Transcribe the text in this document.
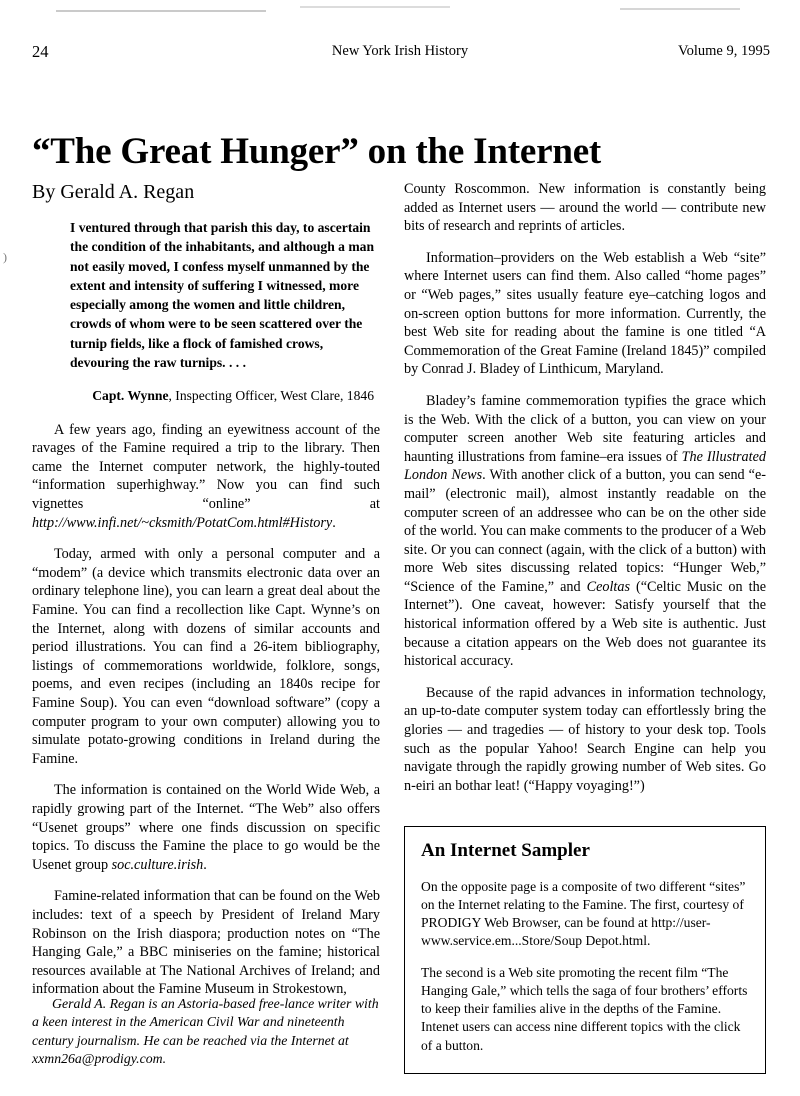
)
24	New York Irish History	Volume 9, 1995
“The Great Hunger” on the Internet
By Gerald A. Regan
I ventured through that parish this day, to ascertain the condition of the inhabitants, and although a man not easily moved, I confess myself unmanned by the extent and intensity of suffering I witnessed, more especially among the women and little children, crowds of whom were to be seen scattered over the turnip fields, like a flock of famished crows, devouring the raw turnips. . . .
Capt. Wynne, Inspecting Officer, West Clare, 1846

A few years ago, finding an eyewitness account of the ravages of the Famine required a trip to the library. Then came the Internet computer network, the highly-touted “information superhighway.” Now you can find such vignettes “online” at http://www.infi.net/~cksmith/PotatCom.html#History.

Today, armed with only a personal computer and a “modem” (a device which transmits electronic data over an ordinary telephone line), you can learn a great deal about the Famine. You can find a recollection like Capt. Wynne’s on the Internet, along with dozens of similar accounts and period illustrations. You can find a 26-item bibliography, listings of commemorations worldwide, folklore, songs, poems, and even recipes (including an 1840s recipe for Famine Soup). You can even “download software” (copy a computer program to your own computer) allowing you to simulate potato-growing conditions in Ireland during the Famine.

The information is contained on the World Wide Web, a rapidly growing part of the Internet. “The Web” also offers “Usenet groups” where one finds discussion on specific topics. To discuss the Famine the place to go would be the Usenet group soc.culture.irish.

Famine-related information that can be found on the Web includes: text of a speech by President of Ireland Mary Robinson on the Irish diaspora; production notes on “The Hanging Gale,” a BBC miniseries on the famine; historical resources available at The National Archives of Ireland; and information about the Famine Museum in Strokestown,

County Roscommon. New information is constantly being added as Internet users — around the world — contribute new bits of research and reprints of articles.

Information–providers on the Web establish a Web “site” where Internet users can find them. Also called “home pages” or “Web pages,” sites usually feature eye–catching logos and on-screen option buttons for more information. Currently, the best Web site for reading about the famine is one titled “A Commemoration of the Great Famine (Ireland 1845)” compiled by Conrad J. Bladey of Linthicum, Maryland.

Bladey’s famine commemoration typifies the grace which is the Web. With the click of a button, you can view on your computer screen another Web site featuring articles and haunting illustrations from famine–era issues of The Illustrated London News. With another click of a button, you can send “e-mail” (electronic mail), almost instantly readable on the computer screen of an addressee who can be on the other side of the world. You can make comments to the producer of a Web site. Or you can connect (again, with the click of a button) with more Web sites discussing related topics: “Hunger Web,” “Science of the Famine,” and Ceoltas (“Celtic Music on the Internet”). One caveat, however: Satisfy yourself that the historical information offered by a Web site is authentic. Just because a citation appears on the Web does not guarantee its historical accuracy.

Because of the rapid advances in information technology, an up-to-date computer system today can effortlessly bring the glories — and tragedies — of history to your desk top. Tools such as the popular Yahoo! Search Engine can help you navigate through the rapidly growing number of Web sites. Go n-eiri an bothar leat! (“Happy voyaging!”)

Gerald A. Regan is an Astoria-based free-lance writer with a keen interest in the American Civil War and nineteenth century journalism. He can be reached via the Internet at xxmn26a@prodigy.com.
An Internet Sampler

On the opposite page is a composite of two different “sites” on the Internet relating to the Famine. The first, courtesy of PRODIGY Web Browser, can be found at http://user-www.service.em...Store/Soup Depot.html.

The second is a Web site promoting the recent film “The Hanging Gale,” which tells the saga of four brothers’ efforts to keep their families alive in the depths of the Famine. Intenet users can access nine different topics with the click of a button.
